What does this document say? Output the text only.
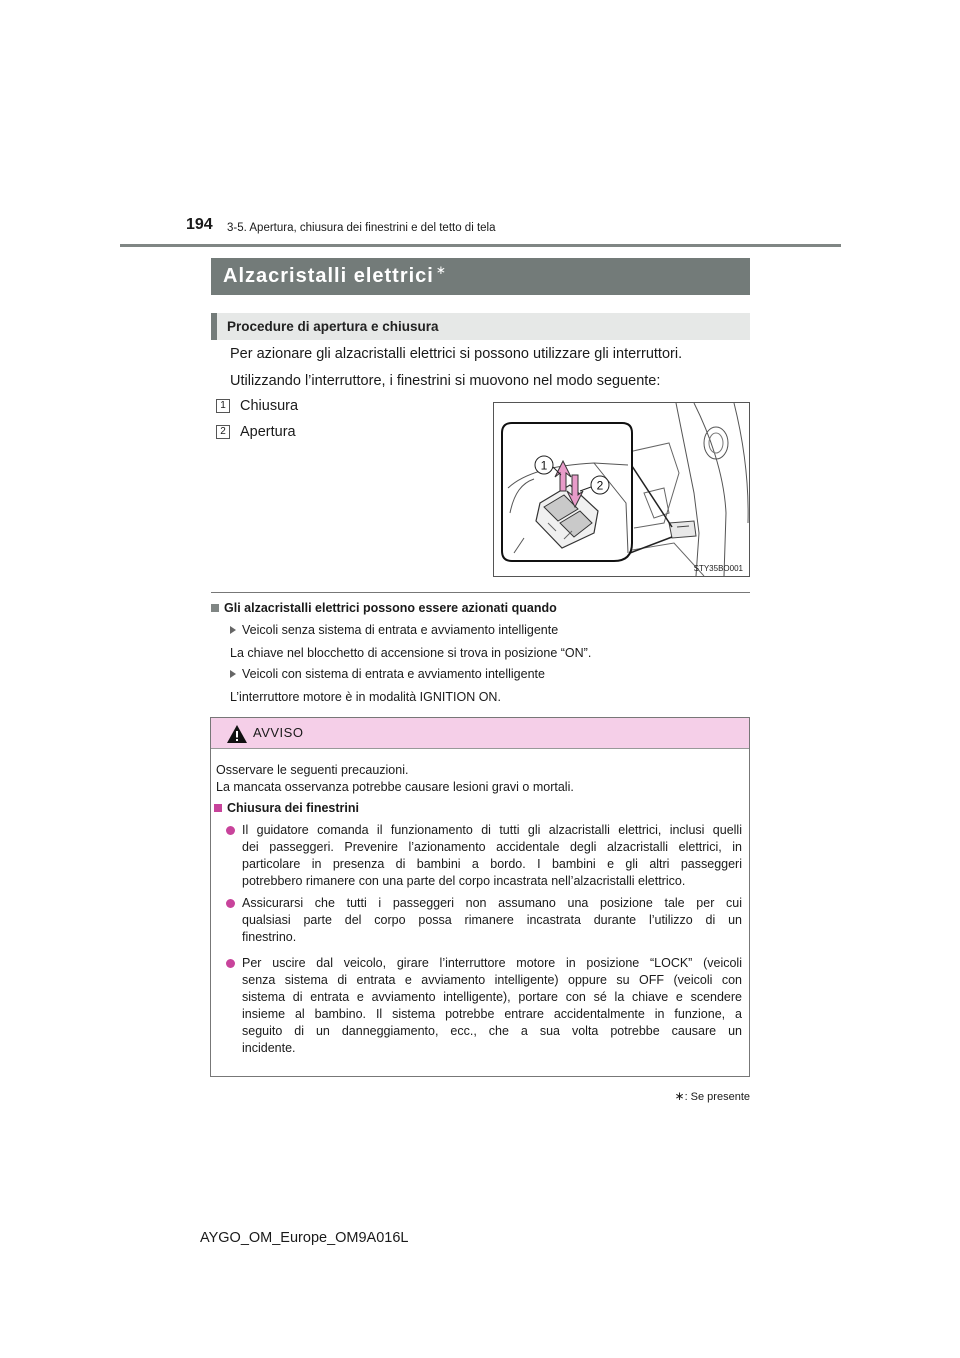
194 3-5. Apertura, chiusura dei finestrini e del tetto di tela
Alzacristalli elettrici ∗
Procedure di apertura e chiusura
Per azionare gli alzacristalli elettrici si possono utilizzare gli interruttori.
Utilizzando l’interruttore, i finestrini si muovono nel modo seguente:
1 Chiusura
2 Apertura
1
2
STY35BO001
Gli alzacristalli elettrici possono essere azionati quando
Veicoli senza sistema di entrata e avviamento intelligente
La chiave nel blocchetto di accensione si trova in posizione “ON”.
Veicoli con sistema di entrata e avviamento intelligente
L’interruttore motore è in modalità IGNITION ON.
AVVISO
Osservare le seguenti precauzioni.
La mancata osservanza potrebbe causare lesioni gravi o mortali.
Chiusura dei finestrini
Il guidatore comanda il funzionamento di tutti gli alzacristalli elettrici, inclusi quelli
dei passeggeri. Prevenire l’azionamento accidentale degli alzacristalli elettrici, in
particolare in presenza di bambini a bordo. I bambini e gli altri passeggeri
potrebbero rimanere con una parte del corpo incastrata nell’alzacristalli elettrico.
Assicurarsi che tutti i passeggeri non assumano una posizione tale per cui
qualsiasi parte del corpo possa rimanere incastrata durante l’utilizzo di un
finestrino.
Per uscire dal veicolo, girare l’interruttore motore in posizione “LOCK” (veicoli
senza sistema di entrata e avviamento intelligente) oppure su OFF (veicoli con
sistema di entrata e avviamento intelligente), portare con sé la chiave e scendere
insieme al bambino. Il sistema potrebbe entrare accidentalmente in funzione, a
seguito di un danneggiamento, ecc., che a sua volta potrebbe causare un
incidente.
∗: Se presente
AYGO_OM_Europe_OM9A016L
